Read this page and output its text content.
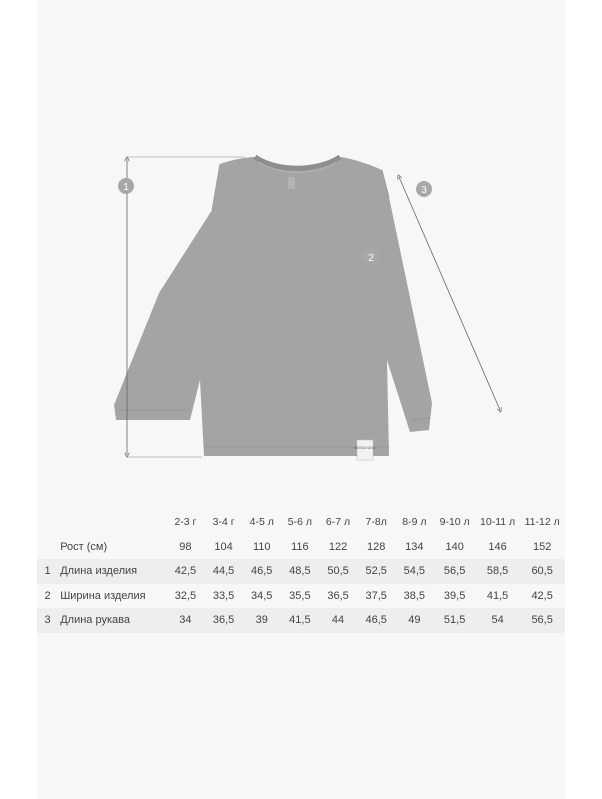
BOSSA NOVA
1
2
3
		2-3 г	3-4 г	4-5 л	5-6 л	6-7 л	7-8л	8-9 л	9-10 л	10-11 л	11-12 л
	Рост (см)	98	104	110	116	122	128	134	140	146	152
1	Длина изделия	42,5	44,5	46,5	48,5	50,5	52,5	54,5	56,5	58,5	60,5
2	Ширина изделия	32,5	33,5	34,5	35,5	36,5	37,5	38,5	39,5	41,5	42,5
3	Длина рукава	34	36,5	39	41,5	44	46,5	49	51,5	54	56,5
